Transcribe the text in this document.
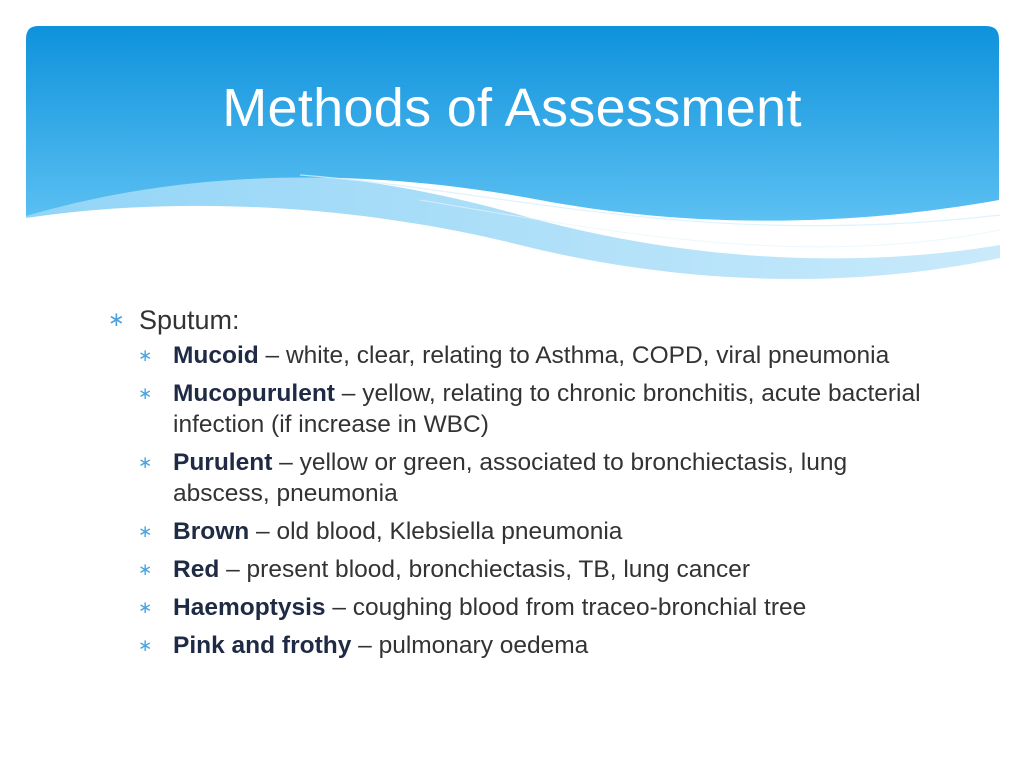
Methods of Assessment
∗ Sputum:
∗ Mucoid – white, clear, relating to Asthma, COPD, viral pneumonia
∗ Mucopurulent – yellow, relating to chronic bronchitis, acute bacterial infection (if increase in WBC)
∗ Purulent – yellow or green, associated to bronchiectasis, lung abscess, pneumonia
∗ Brown – old blood, Klebsiella pneumonia
∗ Red – present blood, bronchiectasis, TB, lung cancer
∗ Haemoptysis – coughing blood from traceo-bronchial tree
∗ Pink and frothy – pulmonary oedema
